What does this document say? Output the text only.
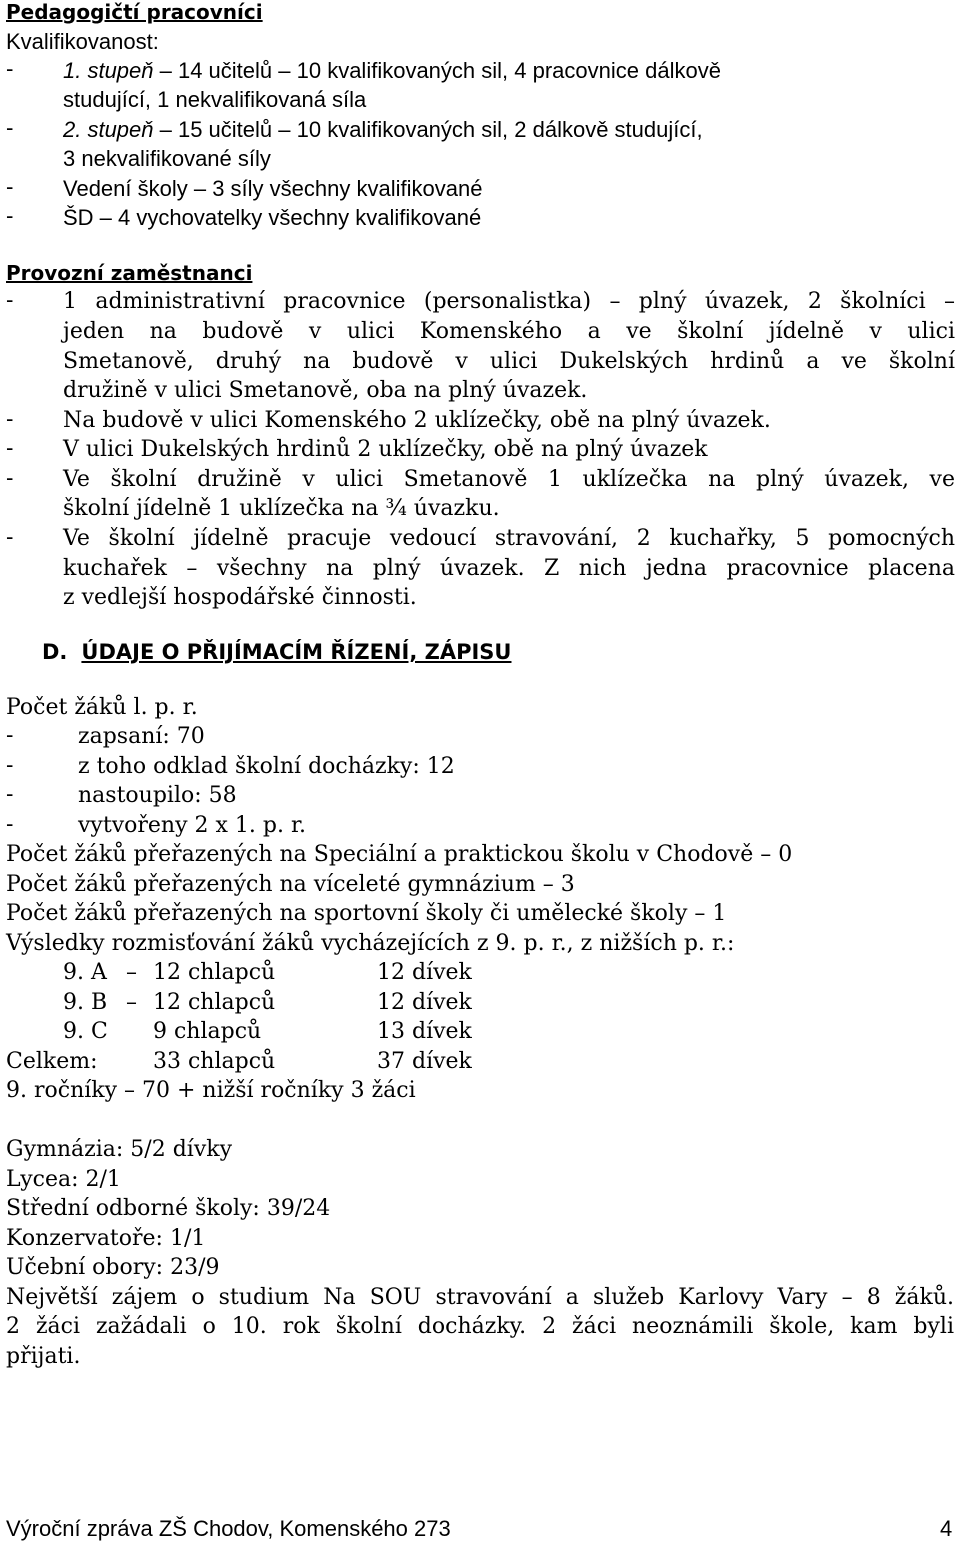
Pedagogičtí pracovníci
Kvalifikovanost:
- 1. stupeň – 14 učitelů – 10 kvalifikovaných sil, 4 pracovnice dálkově
studující, 1 nekvalifikovaná síla
- 2. stupeň – 15 učitelů – 10 kvalifikovaných sil, 2 dálkově studující,
3 nekvalifikované síly
- Vedení školy – 3 síly všechny kvalifikované
- ŠD – 4 vychovatelky všechny kvalifikované
Provozní zaměstnanci
- 1 administrativní pracovnice (personalistka) – plný úvazek, 2 školníci –
jeden na budově v ulici Komenského a ve školní jídelně v ulici
Smetanově, druhý na budově v ulici Dukelských hrdinů a ve školní
družině v ulici Smetanově, oba na plný úvazek.
- Na budově v ulici Komenského 2 uklízečky, obě na plný úvazek.
- V ulici Dukelských hrdinů 2 uklízečky, obě na plný úvazek
- Ve školní družině v ulici Smetanově 1 uklízečka na plný úvazek, ve
školní jídelně 1 uklízečka na ¾ úvazku.
- Ve školní jídelně pracuje vedoucí stravování, 2 kuchařky, 5 pomocných
kuchařek – všechny na plný úvazek. Z nich jedna pracovnice placena
z vedlejší hospodářské činnosti.
D. ÚDAJE O PŘIJÍMACÍM ŘÍZENÍ, ZÁPISU
Počet žáků l. p. r.
-	zapsaní: 70
-	z toho odklad školní docházky: 12
-	nastoupilo: 58
-	vytvořeny 2 x 1. p. r.
Počet žáků přeřazených na Speciální a praktickou školu v Chodově – 0
Počet žáků přeřazených na víceleté gymnázium – 3
Počet žáků přeřazených na sportovní školy či umělecké školy – 1
Výsledky rozmisťování žáků vycházejících z 9. p. r., z nižších p. r.:
9. A – 12 chlapců	12 dívek
9. B – 12 chlapců	12 dívek
9. C 9 chlapců	13 dívek
Celkem:	33 chlapců	37 dívek
9. ročníky – 70 + nižší ročníky 3 žáci
Gymnázia: 5/2 dívky
Lycea: 2/1
Střední odborné školy: 39/24
Konzervatoře: 1/1
Učební obory: 23/9
Největší zájem o studium Na SOU stravování a služeb Karlovy Vary – 8 žáků.
2 žáci zažádali o 10. rok školní docházky. 2 žáci neoznámili škole, kam byli
přijati.
Výroční zpráva ZŠ Chodov, Komenského 273	4
